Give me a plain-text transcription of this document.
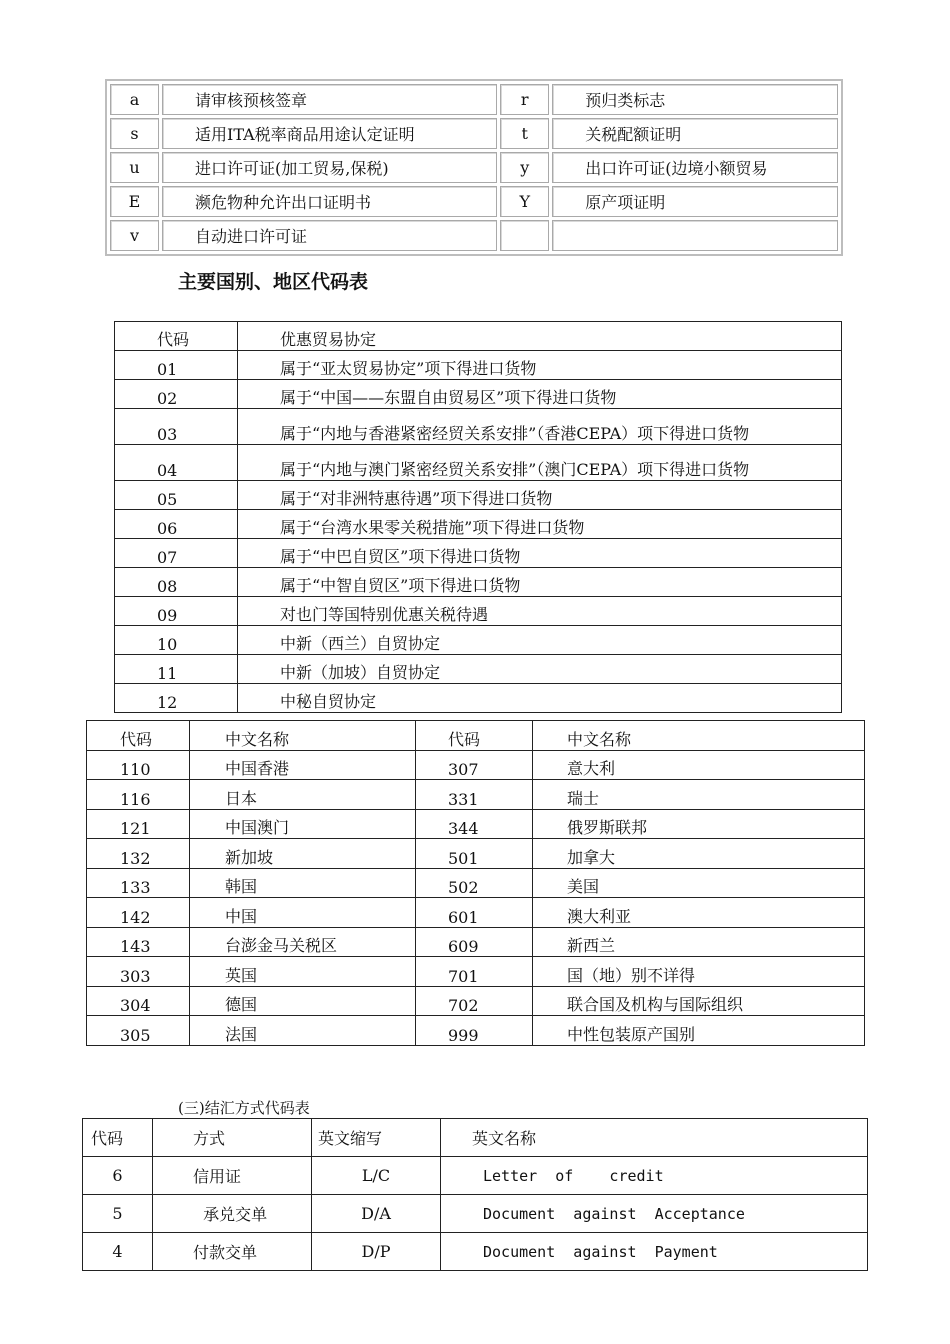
a	请审核预核签章	r	预归类标志
s	适用ITA税率商品用途认定证明	t	关税配额证明
u	进口许可证(加工贸易,保税)	y	出口许可证(边境小额贸易
E	濒危物种允许出口证明书	Y	原产项证明
v	自动进口许可证		
主要国别、地区代码表
代码	优惠贸易协定
01	属于“亚太贸易协定”项下得进口货物
02	属于“中国——东盟自由贸易区”项下得进口货物
03	属于“内地与香港紧密经贸关系安排”（香港CEPA）项下得进口货物
04	属于“内地与澳门紧密经贸关系安排”（澳门CEPA）项下得进口货物
05	属于“对非洲特惠待遇”项下得进口货物
06	属于“台湾水果零关税措施”项下得进口货物
07	属于“中巴自贸区”项下得进口货物
08	属于“中智自贸区”项下得进口货物
09	对也门等国特别优惠关税待遇
10	中新（西兰）自贸协定
11	中新（加坡）自贸协定
12	中秘自贸协定
代码	中文名称	代码	中文名称
110	中国香港	307	意大利
116	日本	331	瑞士
121	中国澳门	344	俄罗斯联邦
132	新加坡	501	加拿大
133	韩国	502	美国
142	中国	601	澳大利亚
143	台澎金马关税区	609	新西兰
303	英国	701	国（地）别不详得
304	德国	702	联合国及机构与国际组织
305	法国	999	中性包装原产国别
(三)结汇方式代码表
代码	方式	英文缩写	英文名称
6	信用证	L/C	Letter  of    credit
5	承兑交单	D/A	Document  against  Acceptance
4	付款交单	D/P	Document  against  Payment
